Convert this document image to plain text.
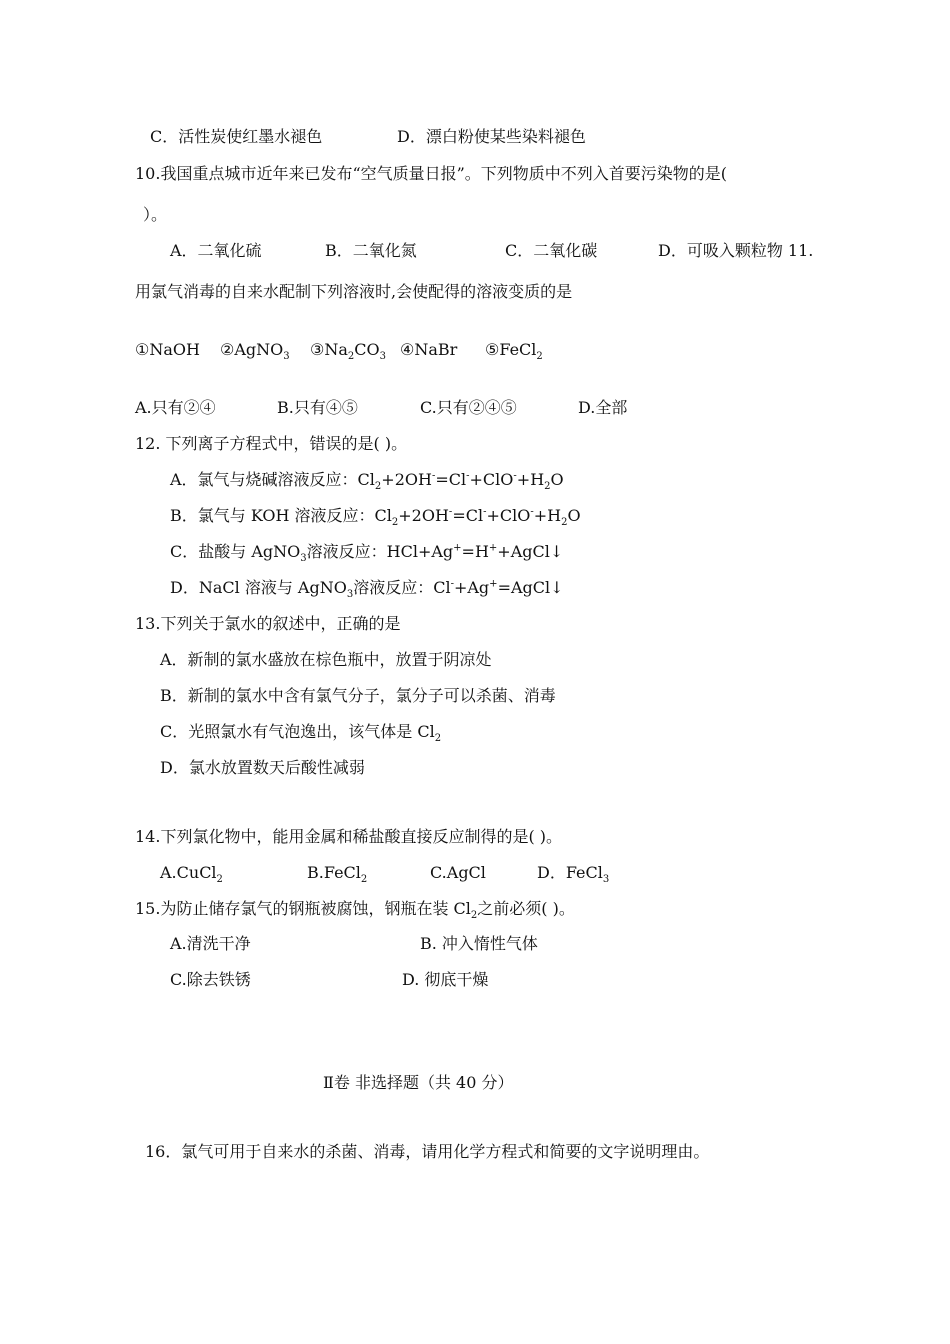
C．活性炭使红墨水褪色	D．漂白粉使某些染料褪色
10.我国重点城市近年来已发布“空气质量日报”。下列物质中不列入首要污染物的是(
）。
A．二氧化硫	B．二氧化氮	C．二氧化碳	D．可吸入颗粒物 11.
用氯气消毒的自来水配制下列溶液时,会使配得的溶液变质的是
①NaOH ②AgNO$_3$ $③Na_2CO_3$ ④NaBr ⑤FeCl$_2$
A.只有②④	B.只有④⑤	C.只有②④⑤	D.全部
12. 下列离子方程式中，错误的是( )。
A．氯气与烧碱溶液反应：$Cl_2+2OH^-=Cl^-+ClO^-+H_2O$
B．氯气与 KOH 溶液反应：$Cl_2+2OH^-=Cl^-+ClO^-+H_2O$
C．盐酸与 AgNO$_3$溶液反应：HCl+Ag+=H++AgCl↓
D．NaCl 溶液与 AgNO$_3$溶液反应：Cl-+Ag+=AgCl↓
13.下列关于氯水的叙述中，正确的是
A．新制的氯水盛放在棕色瓶中，放置于阴凉处
B．新制的氯水中含有氯气分子，氯分子可以杀菌、消毒
C．光照氯水有气泡逸出，该气体是 $Cl_2$
D．氯水放置数天后酸性减弱
14.下列氯化物中，能用金属和稀盐酸直接反应制得的是( )。
A.CuCl$_2$	B.FeCl$_2$	C.AgCl	D．FeCl$_3$
15.为防止储存氯气的钢瓶被腐蚀，钢瓶在装 $Cl_2$之前必须( )。
A.清洗干净	B. 冲入惰性气体
C.除去铁锈	D. 彻底干燥
Ⅱ卷 非选择题（共 40 分）
16．氯气可用于自来水的杀菌、消毒，请用化学方程式和简要的文字说明理由。
